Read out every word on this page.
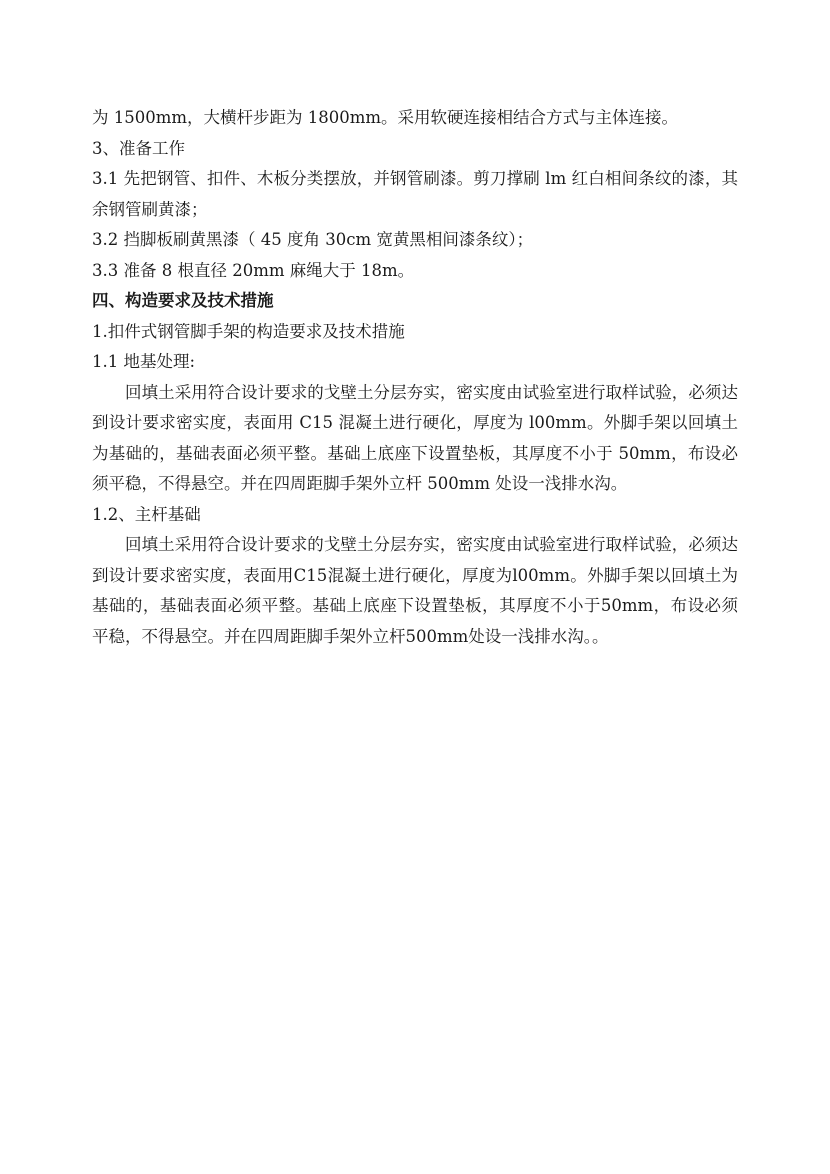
为 1500mm，大横杆步距为 1800mm。采用软硬连接相结合方式与主体连接。

3、准备工作

3.1 先把钢管、扣件、木板分类摆放，并钢管刷漆。剪刀撑刷 lm 红白相间条纹的漆，其余钢管刷黄漆；

3.2 挡脚板刷黄黑漆（ 45 度角 30cm 宽黄黑相间漆条纹）；

3.3 准备 8 根直径 20mm 麻绳大于 18m。

四、构造要求及技术措施

1.扣件式钢管脚手架的构造要求及技术措施

1.1 地基处理:

回填土采用符合设计要求的戈壁土分层夯实，密实度由试验室进行取样试验，必须达到设计要求密实度，表面用 C15 混凝土进行硬化，厚度为 l00mm。外脚手架以回填土为基础的，基础表面必须平整。基础上底座下设置垫板，其厚度不小于 50mm，布设必须平稳，不得悬空。并在四周距脚手架外立杆 500mm 处设一浅排水沟。

1.2、主杆基础

回填土采用符合设计要求的戈壁土分层夯实，密实度由试验室进行取样试验，必须达到设计要求密实度，表面用C15混凝土进行硬化，厚度为l00mm。外脚手架以回填土为基础的，基础表面必须平整。基础上底座下设置垫板，其厚度不小于50mm，布设必须平稳，不得悬空。并在四周距脚手架外立杆500mm处设一浅排水沟。。
